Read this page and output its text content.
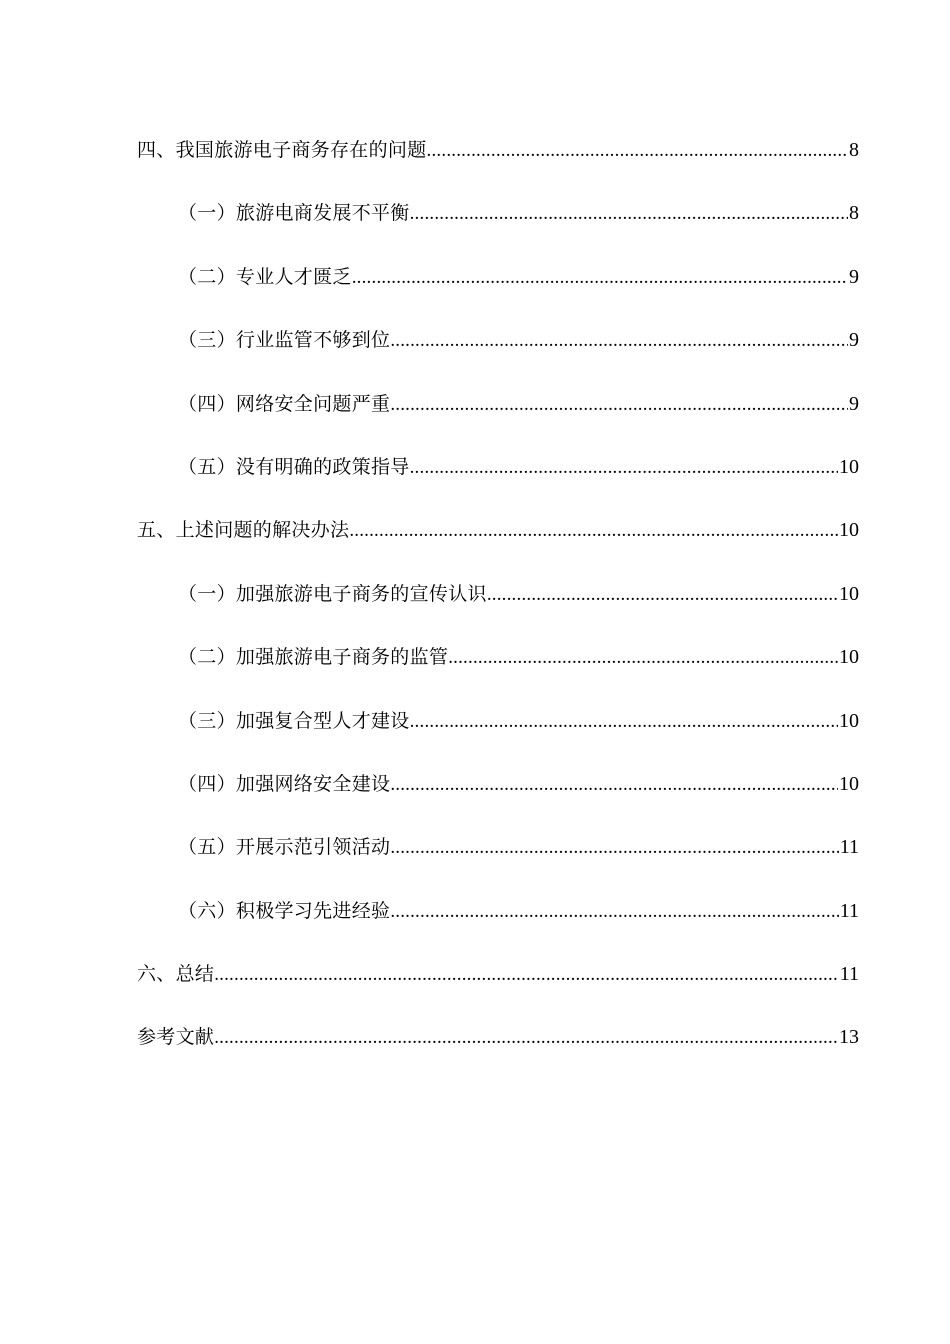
四、我国旅游电子商务存在的问题 .....	8
（一）旅游电商发展不平衡 .....	8
（二）专业人才匮乏 .....	9
（三）行业监管不够到位 .....	9
（四）网络安全问题严重 .....	9
（五）没有明确的政策指导 .....	10
五、上述问题的解决办法 .....	10
（一）加强旅游电子商务的宣传认识 .....	10
（二）加强旅游电子商务的监管 .....	10
（三）加强复合型人才建设 .....	10
（四）加强网络安全建设 .....	10
（五）开展示范引领活动 .....	11
（六）积极学习先进经验 .....	11
六、总结 .....	11
参考文献 .....	13
